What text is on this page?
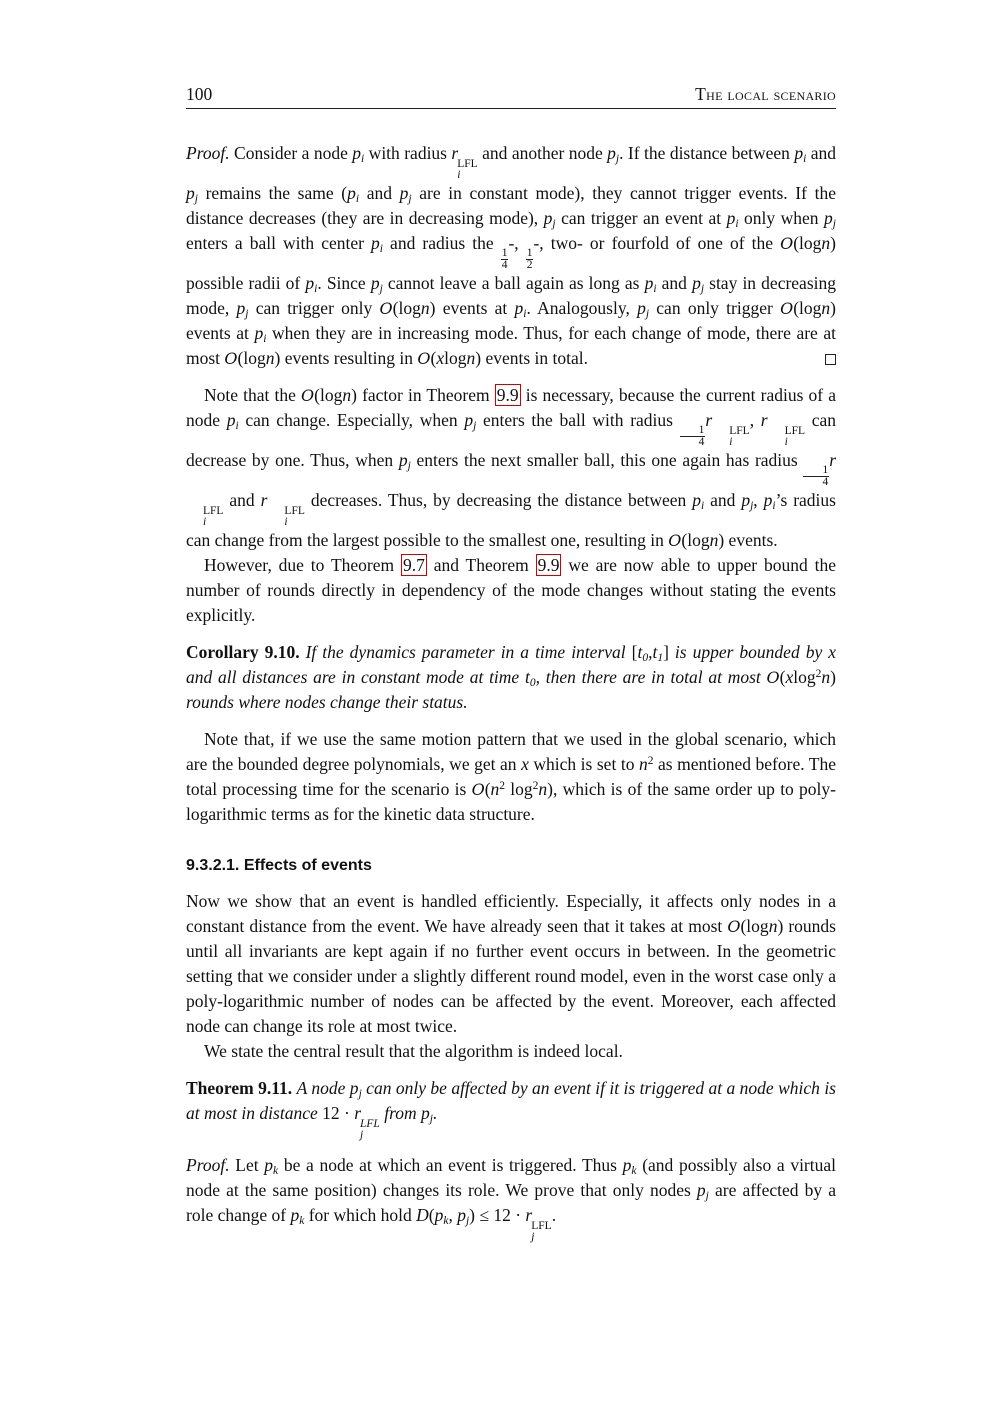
100	The local scenario

Proof. Consider a node $p_i$ with radius r
LFL
i
and another node $p_j$. If the distance between $p_i$ and $p_j$ remains the same ($p_i$ and $p_j$ are in constant mode), they cannot trigger events. If the distance decreases (they are in decreasing mode), $p_j$ can trigger an event at $p_i$ only when $p_j$ enters a ball with center $p_i$ and radius the
$\frac{1}{4}$
-,
$\frac{1}{2}$
-, two- or fourfold of one of the O(logn) possible radii of $p_i$. Since $p_j$ cannot leave a ball again as long as $p_i$ and $p_j$ stay in decreasing mode, $p_j$ can trigger only O(logn) events at $p_i$. Analogously, $p_j$ can only trigger O(logn) events at $p_i$ when they are in increasing mode. Thus, for each change of mode, there are at most O(logn) events resulting in O(xlogn) events in total.

Note that the O(logn) factor in Theorem 9.9 is necessary, because the current radius of a node $p_i$ can change. Especially, when $p_j$ enters the ball with radius
$\frac{1}{4}$
r
LFL
i
, r
LFL
i
can decrease by one. Thus, when $p_j$ enters the next smaller ball, this one again has radius
$\frac{1}{4}$
r
LFL
i
and r
LFL
i
decreases. Thus, by decreasing the distance between $p_i$ and $p_j$, $p_i’s$ radius can change from the largest possible to the smallest one, resulting in O(logn) events.

However, due to Theorem 9.7 and Theorem 9.9 we are now able to upper bound the number of rounds directly in dependency of the mode changes without stating the events explicitly.

Corollary 9.10. If the dynamics parameter in a time interval $[t_0,t_1]$ is upper bounded by x and all distances are in constant mode at time $t_0$, then there are in total at most O(xlog$^2$n) rounds where nodes change their status.

Note that, if we use the same motion pattern that we used in the global scenario, which are the bounded degree polynomials, we get an x which is set to $n^2$ as mentioned before. The total processing time for the scenario is $O(n^2$ $\log^2n$), which is of the same order up to poly-logarithmic terms as for the kinetic data structure.

9.3.2.1. Effects of events

Now we show that an event is handled efficiently. Especially, it affects only nodes in a constant distance from the event. We have already seen that it takes at most O(logn) rounds until all invariants are kept again if no further event occurs in between. In the geometric setting that we consider under a slightly different round model, even in the worst case only a poly-logarithmic number of nodes can be affected by the event. Moreover, each affected node can change its role at most twice.

We state the central result that the algorithm is indeed local.

Theorem 9.11. A node $p_j$ can only be affected by an event if it is triggered at a node which is at most in distance 12 · r
LFL
j
from $p_j$.

Proof. Let $p_k$ be a node at which an event is triggered. Thus $p_k$ (and possibly also a virtual node at the same position) changes its role. We prove that only nodes $p_j$ are affected by a role change of $p_k$ for which hold $D(p_k$, $p_j) \le 12 \cdot r$
LFL
j
.
